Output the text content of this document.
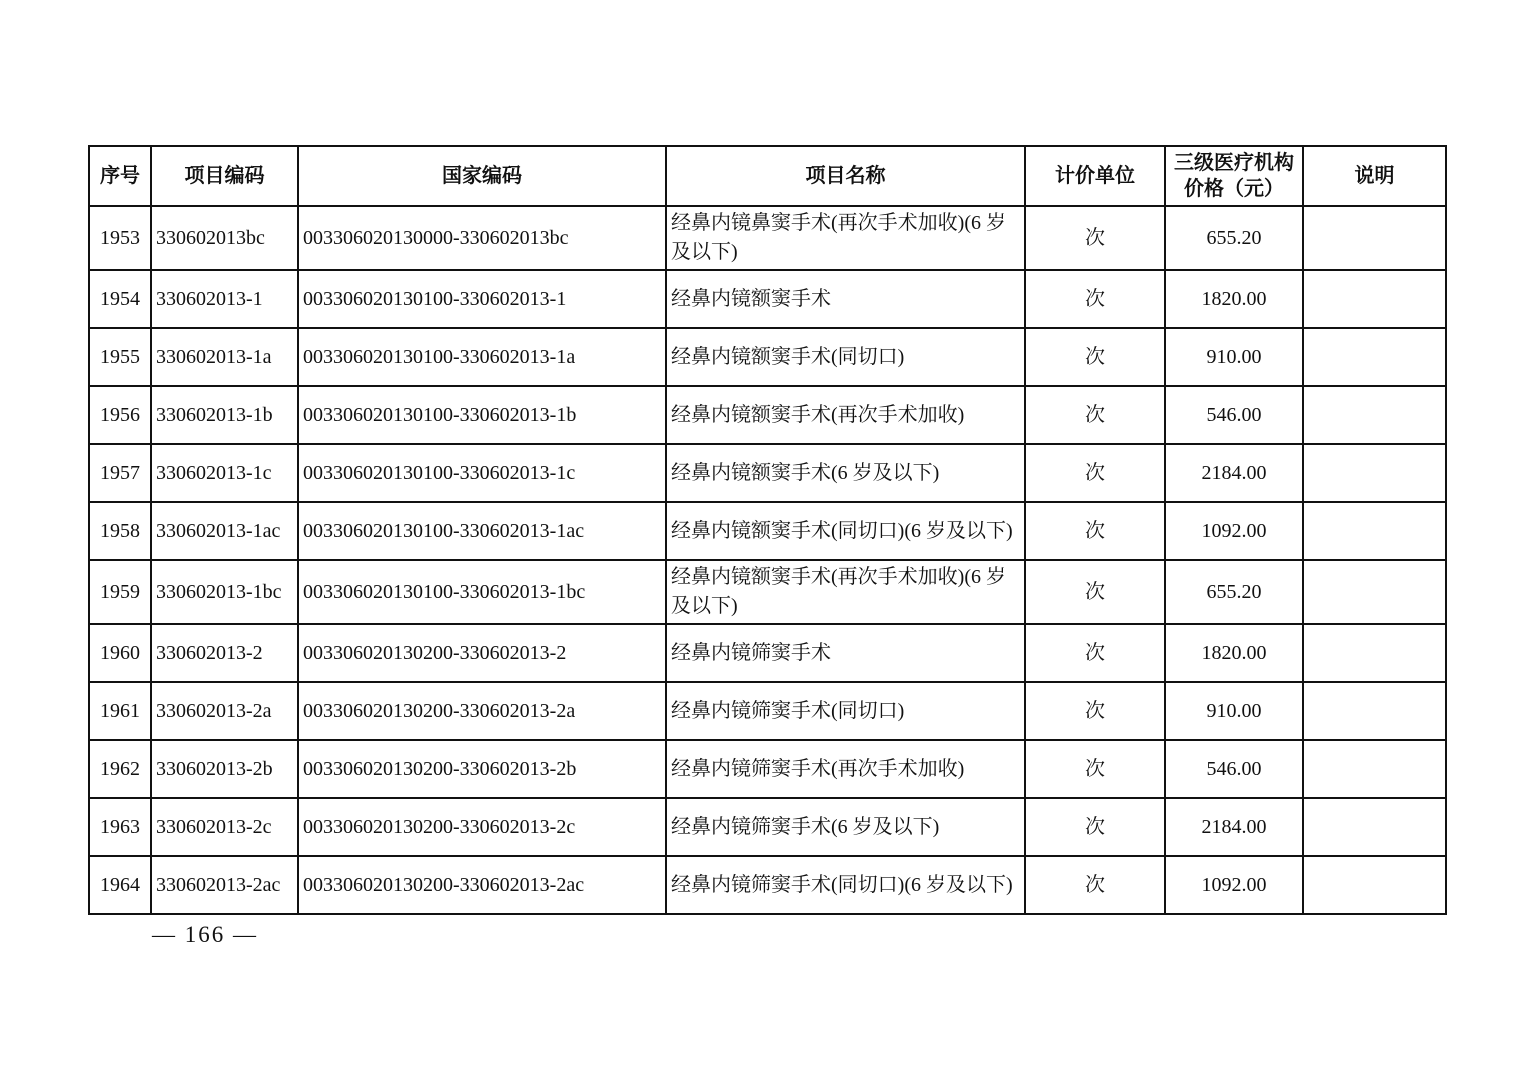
序号	项目编码	国家编码	项目名称	计价单位	三级医疗机构价格（元）	说明
1953	330602013bc	003306020130000-330602013bc	经鼻内镜鼻窦手术(再次手术加收)(6 岁及以下)	次	655.20	
1954	330602013-1	003306020130100-330602013-1	经鼻内镜额窦手术	次	1820.00	
1955	330602013-1a	003306020130100-330602013-1a	经鼻内镜额窦手术(同切口)	次	910.00	
1956	330602013-1b	003306020130100-330602013-1b	经鼻内镜额窦手术(再次手术加收)	次	546.00	
1957	330602013-1c	003306020130100-330602013-1c	经鼻内镜额窦手术(6 岁及以下)	次	2184.00	
1958	330602013-1ac	003306020130100-330602013-1ac	经鼻内镜额窦手术(同切口)(6 岁及以下)	次	1092.00	
1959	330602013-1bc	003306020130100-330602013-1bc	经鼻内镜额窦手术(再次手术加收)(6 岁及以下)	次	655.20	
1960	330602013-2	003306020130200-330602013-2	经鼻内镜筛窦手术	次	1820.00	
1961	330602013-2a	003306020130200-330602013-2a	经鼻内镜筛窦手术(同切口)	次	910.00	
1962	330602013-2b	003306020130200-330602013-2b	经鼻内镜筛窦手术(再次手术加收)	次	546.00	
1963	330602013-2c	003306020130200-330602013-2c	经鼻内镜筛窦手术(6 岁及以下)	次	2184.00	
1964	330602013-2ac	003306020130200-330602013-2ac	经鼻内镜筛窦手术(同切口)(6 岁及以下)	次	1092.00	
— 166 —
